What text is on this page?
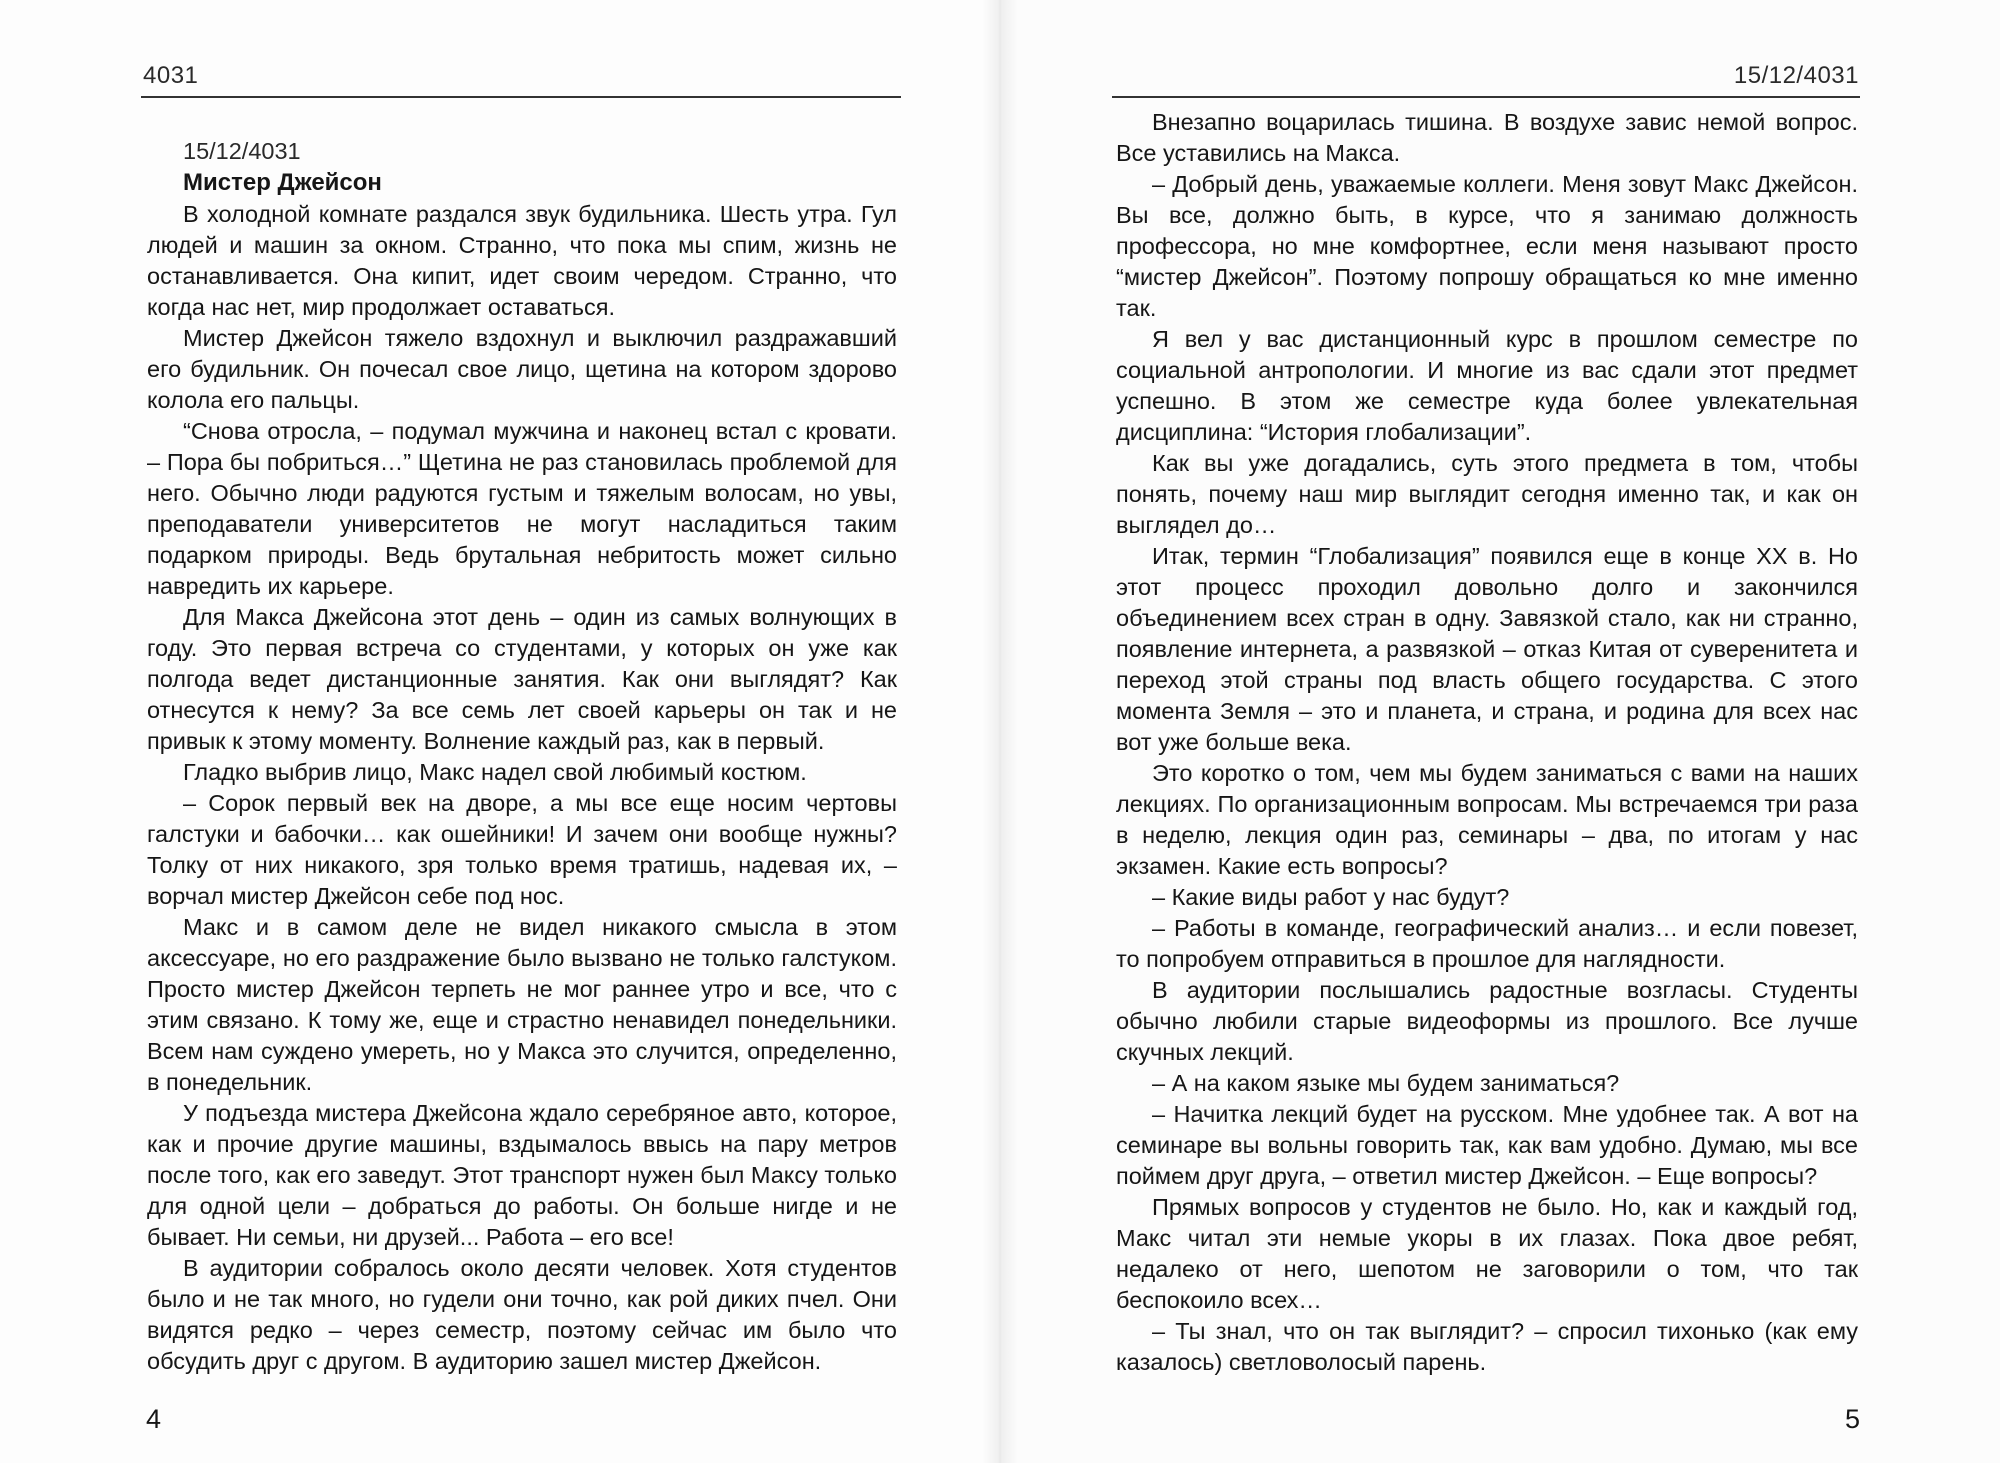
4031
15/12/4031
Мистер Джейсон

В холодной комнате раздался звук будильника. Шесть утра. Гул людей и машин за окном. Странно, что пока мы спим, жизнь не останавливается. Она кипит, идет своим чередом. Странно, что когда нас нет, мир продолжает оставаться.

Мистер Джейсон тяжело вздохнул и выключил раздражавший его будильник. Он почесал свое лицо, щетина на котором здорово колола его пальцы.

“Снова отросла, – подумал мужчина и наконец встал с кровати. – Пора бы побриться…” Щетина не раз становилась проблемой для него. Обычно люди радуются густым и тяжелым волосам, но увы, преподаватели университетов не могут насладиться таким подарком природы. Ведь брутальная небритость может сильно навредить их карьере.

Для Макса Джейсона этот день – один из самых волнующих в году. Это первая встреча со студентами, у которых он уже как полгода ведет дистанционные занятия. Как они выглядят? Как отнесутся к нему? За все семь лет своей карьеры он так и не привык к этому моменту. Волнение каждый раз, как в первый.

Гладко выбрив лицо, Макс надел свой любимый костюм.

– Сорок первый век на дворе, а мы все еще носим чертовы галстуки и бабочки… как ошейники! И зачем они вообще нужны? Толку от них никакого, зря только время тратишь, надевая их, – ворчал мистер Джейсон себе под нос.

Макс и в самом деле не видел никакого смысла в этом аксессуаре, но его раздражение было вызвано не только галстуком. Просто мистер Джейсон терпеть не мог раннее утро и все, что с этим связано. К тому же, еще и страстно ненавидел понедельники. Всем нам суждено умереть, но у Макса это случится, определенно, в понедельник.

У подъезда мистера Джейсона ждало серебряное авто, которое, как и прочие другие машины, вздымалось ввысь на пару метров после того, как его заведут. Этот транспорт нужен был Максу только для одной цели – добраться до работы. Он больше нигде и не бывает. Ни семьи, ни друзей... Работа – его все!

В аудитории собралось около десяти человек. Хотя студентов было и не так много, но гудели они точно, как рой диких пчел. Они видятся редко – через семестр, поэтому сейчас им было что обсудить друг с другом. В аудиторию зашел мистер Джейсон.

4
15/12/4031

Внезапно воцарилась тишина. В воздухе завис немой вопрос. Все уставились на Макса.

– Добрый день, уважаемые коллеги. Меня зовут Макс Джейсон. Вы все, должно быть, в курсе, что я занимаю должность профессора, но мне комфортнее, если меня называют просто “мистер Джейсон”. Поэтому попрошу обращаться ко мне именно так.

Я вел у вас дистанционный курс в прошлом семестре по социальной антропологии. И многие из вас сдали этот предмет успешно. В этом же семестре куда более увлекательная дисциплина: “История глобализации”.

Как вы уже догадались, суть этого предмета в том, чтобы понять, почему наш мир выглядит сегодня именно так, и как он выглядел до…

Итак, термин “Глобализация” появился еще в конце XX в. Но этот процесс проходил довольно долго и закончился объединением всех стран в одну. Завязкой стало, как ни странно, появление интернета, а развязкой – отказ Китая от суверенитета и переход этой страны под власть общего государства. С этого момента Земля – это и планета, и страна, и родина для всех нас вот уже больше века.

Это коротко о том, чем мы будем заниматься с вами на наших лекциях. По организационным вопросам. Мы встречаемся три раза в неделю, лекция один раз, семинары – два, по итогам у нас экзамен. Какие есть вопросы?

– Какие виды работ у нас будут?

– Работы в команде, географический анализ… и если повезет, то попробуем отправиться в прошлое для наглядности.

В аудитории послышались радостные возгласы. Студенты обычно любили старые видеоформы из прошлого. Все лучше скучных лекций.

– А на каком языке мы будем заниматься?

– Начитка лекций будет на русском. Мне удобнее так. А вот на семинаре вы вольны говорить так, как вам удобно. Думаю, мы все поймем друг друга, – ответил мистер Джейсон. – Еще вопросы?

Прямых вопросов у студентов не было. Но, как и каждый год, Макс читал эти немые укоры в их глазах. Пока двое ребят, недалеко от него, шепотом не заговорили о том, что так беспокоило всех…

– Ты знал, что он так выглядит? – спросил тихонько (как ему казалось) светловолосый парень.

5
